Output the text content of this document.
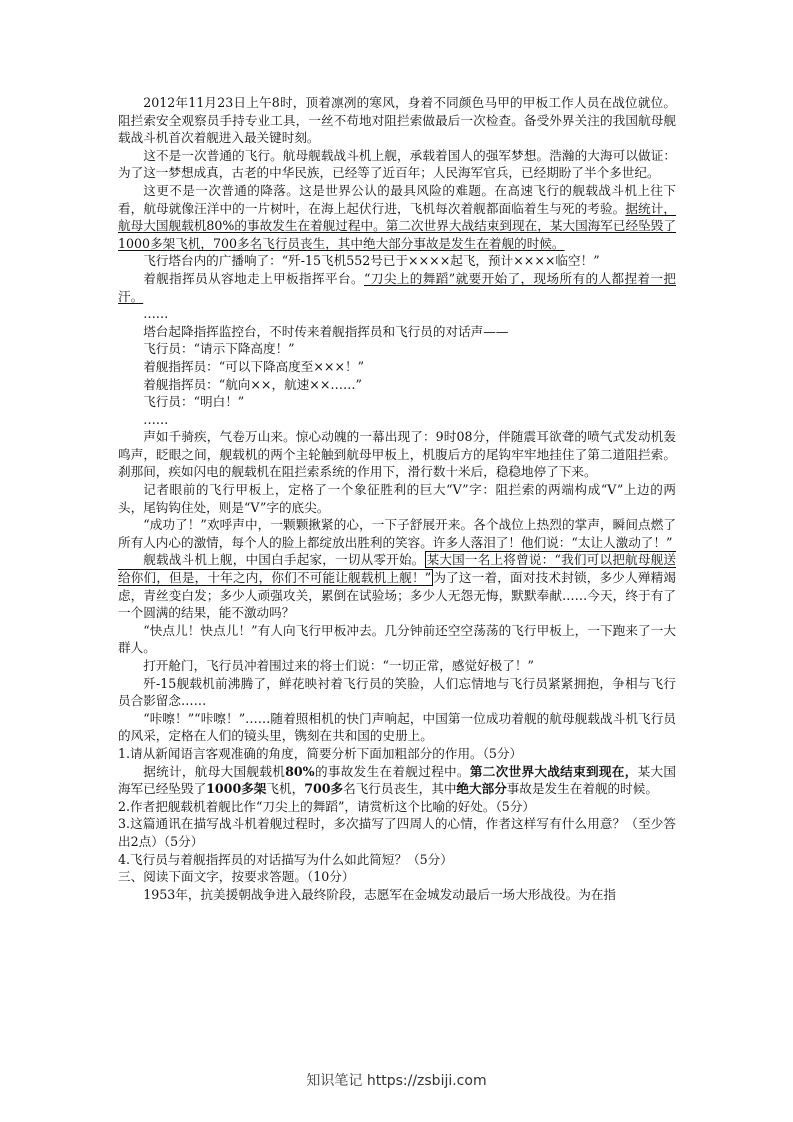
2012年11月23日上午8时，顶着凛冽的寒风，身着不同颜色马甲的甲板工作人员在战位就位。阻拦索安全观察员手持专业工具，一丝不苟地对阻拦索做最后一次检查。备受外界关注的我国航母舰载战斗机首次着舰进入最关键时刻。

这不是一次普通的飞行。航母舰载战斗机上舰，承载着国人的强军梦想。浩瀚的大海可以做证：为了这一梦想成真，古老的中华民族，已经等了近百年；人民海军官兵，已经期盼了半个多世纪。

这更不是一次普通的降落。这是世界公认的最具风险的难题。在高速飞行的舰载战斗机上往下看，航母就像汪洋中的一片树叶，在海上起伏行进，飞机每次着舰都面临着生与死的考验。据统计，航母大国舰载机80%的事故发生在着舰过程中。第二次世界大战结束到现在，某大国海军已经坠毁了1000多架飞机，700多名飞行员丧生，其中绝大部分事故是发生在着舰的时候。

飞行塔台内的广播响了：“歼-15飞机552号已于××××起飞，预计××××临空！”

着舰指挥员从容地走上甲板指挥平台。“刀尖上的舞蹈”就要开始了，现场所有的人都捏着一把汗。

……

塔台起降指挥监控台，不时传来着舰指挥员和飞行员的对话声——

飞行员：“请示下降高度！”

着舰指挥员：“可以下降高度至×××！”

着舰指挥员：“航向××，航速××……”

飞行员：“明白！”

……

声如千骑疾，气卷万山来。惊心动魄的一幕出现了：9时08分，伴随震耳欲聋的喷气式发动机轰鸣声，眨眼之间，舰载机的两个主轮触到航母甲板上，机腹后方的尾钩牢牢地挂住了第二道阻拦索。刹那间，疾如闪电的舰载机在阻拦索系统的作用下，滑行数十米后，稳稳地停了下来。

记者眼前的飞行甲板上，定格了一个象征胜利的巨大“V”字：阻拦索的两端构成“V”上边的两头，尾钩钩住处，则是“V”字的底尖。

“成功了！”欢呼声中，一颗颗揪紧的心，一下子舒展开来。各个战位上热烈的掌声，瞬间点燃了所有人内心的激情，每个人的脸上都绽放出胜利的笑容。许多人落泪了！他们说：“太让人激动了！”

舰载战斗机上舰，中国白手起家，一切从零开始。 某大国一名上将曾说：“我们可以把航母舰送给你们，但是，十年之内，你们不可能让舰载机上舰！” 为了这一着，面对技术封锁，多少人殚精竭虑，青丝变白发；多少人顽强攻关，累倒在试验场；多少人无怨无悔，默默奉献……今天，终于有了一个圆满的结果，能不激动吗？

“快点儿！快点儿！”有人向飞行甲板冲去。几分钟前还空空荡荡的飞行甲板上，一下跑来了一大群人。

打开舱门，飞行员冲着围过来的将士们说：“一切正常，感觉好极了！”

歼-15舰载机前沸腾了，鲜花映衬着飞行员的笑脸，人们忘情地与飞行员紧紧拥抱，争相与飞行员合影留念……

“咔嚓！”“咔嚓！”……随着照相机的快门声响起，中国第一位成功着舰的航母舰载战斗机飞行员的风采，定格在人们的镜头里，镌刻在共和国的史册上。

1.请从新闻语言客观准确的角度，简要分析下面加粗部分的作用。（5分）

据统计，航母大国舰载机80%的事故发生在着舰过程中。第二次世界大战结束到现在，某大国海军已经坠毁了1000多架飞机，700多名飞行员丧生，其中绝大部分事故是发生在着舰的时候。

2.作者把舰载机着舰比作“刀尖上的舞蹈”，请赏析这个比喻的好处。（5分）

3.这篇通讯在描写战斗机着舰过程时，多次描写了四周人的心情，作者这样写有什么用意？（至少答出2点）（5分）

4.飞行员与着舰指挥员的对话描写为什么如此简短？（5分）

三、阅读下面文字，按要求答题。（10分）

1953年，抗美援朝战争进入最终阶段，志愿军在金城发动最后一场大形战役。为在指

知识笔记 https://zsbiji.com
